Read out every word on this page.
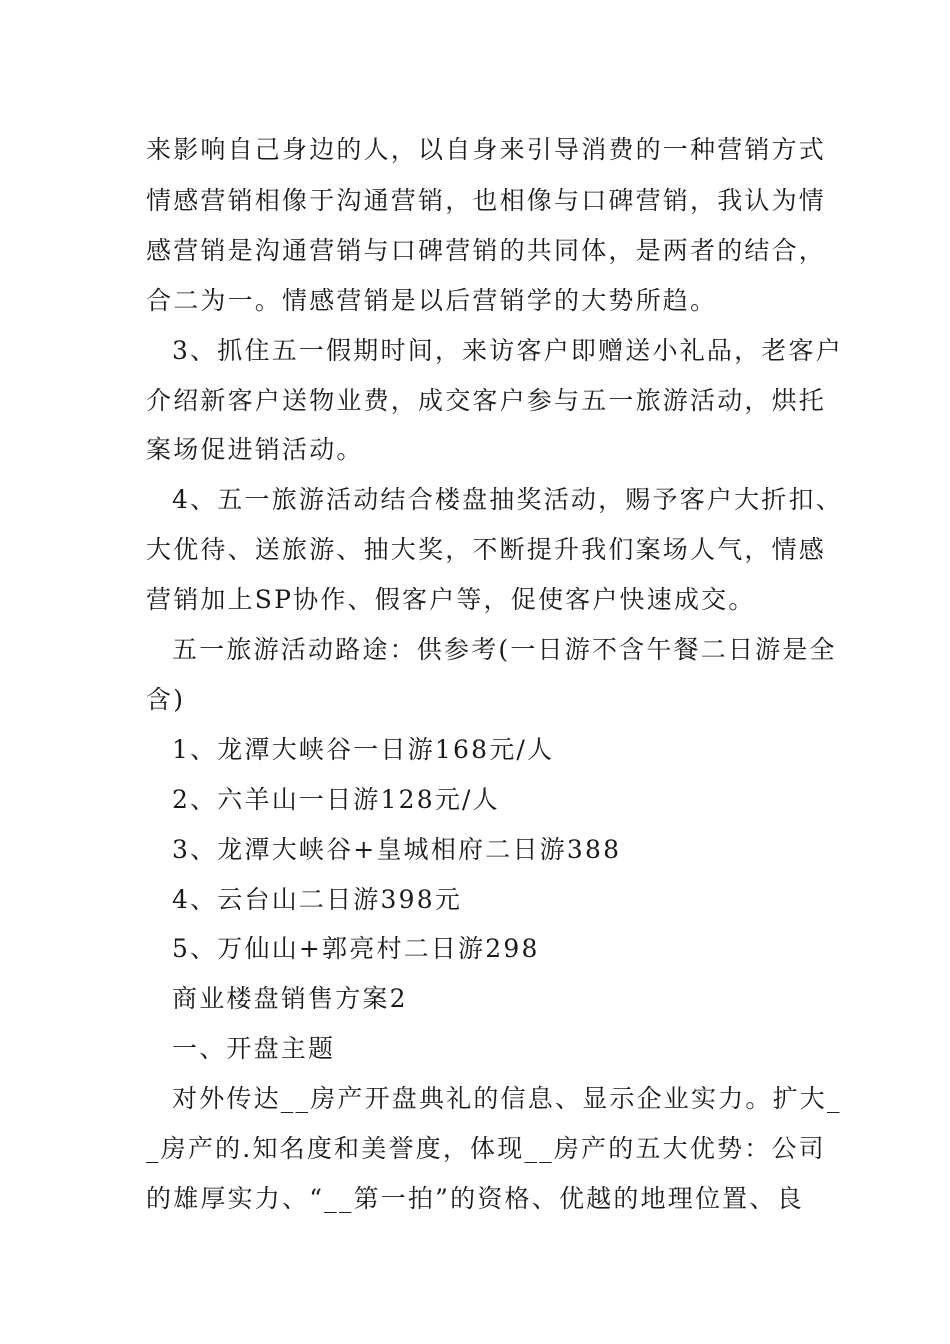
来影响自己身边的人，以自身来引导消费的一种营销方式
情感营销相像于沟通营销，也相像与口碑营销，我认为情
感营销是沟通营销与口碑营销的共同体，是两者的结合，
合二为一。情感营销是以后营销学的大势所趋。
3、抓住五一假期时间，来访客户即赠送小礼品，老客户
介绍新客户送物业费，成交客户参与五一旅游活动，烘托
案场促进销活动。
4、五一旅游活动结合楼盘抽奖活动，赐予客户大折扣、
大优待、送旅游、抽大奖，不断提升我们案场人气，情感
营销加上SP协作、假客户等，促使客户快速成交。
五一旅游活动路途：供参考(一日游不含午餐二日游是全
含)
1、龙潭大峡谷一日游168元/人
2、六羊山一日游128元/人
3、龙潭大峡谷+皇城相府二日游388
4、云台山二日游398元
5、万仙山+郭亮村二日游298
商业楼盘销售方案2
一、开盘主题
对外传达__房产开盘典礼的信息、显示企业实力。扩大_
_房产的.知名度和美誉度，体现__房产的五大优势：公司
的雄厚实力、“__第一拍”的资格、优越的地理位置、良
